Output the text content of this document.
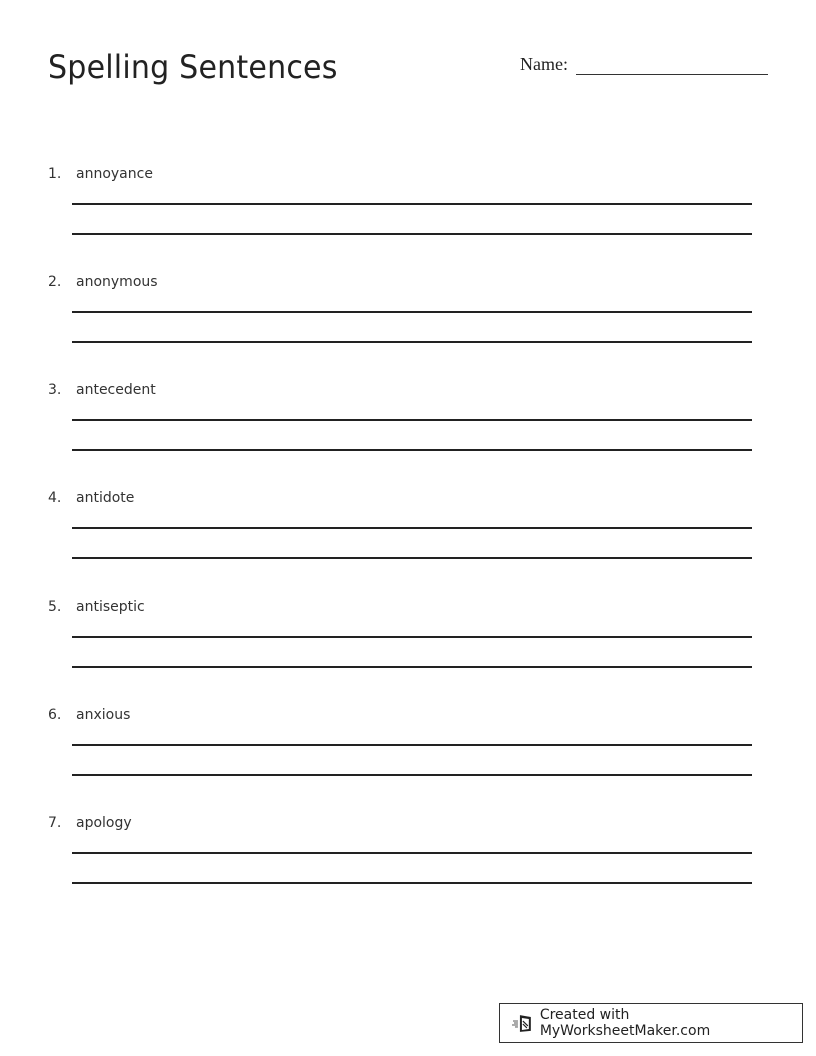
Spelling Sentences	Name:
1. annoyance
2. anonymous
3. antecedent
4. antidote
5. antiseptic
6. anxious
7. apology
Created with MyWorksheetMaker.com
